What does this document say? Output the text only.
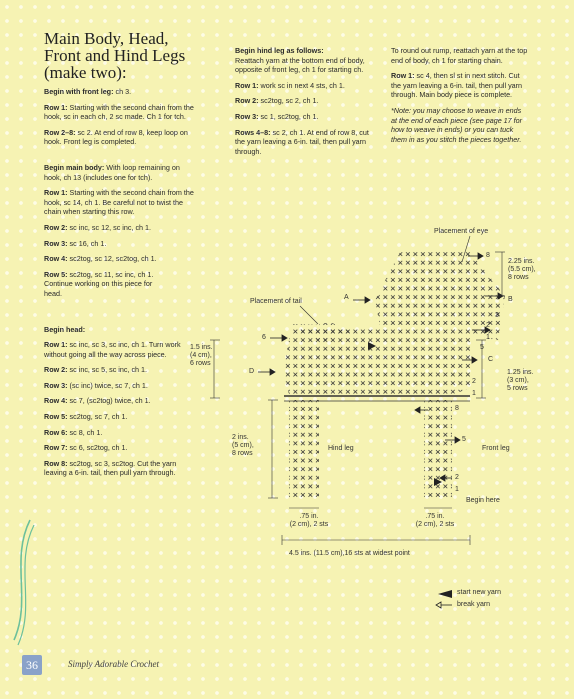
Main Body, Head,
Front and Hind Legs
(make two):

Begin with front leg: ch 3.

Row 1: Starting with the second chain from the hook, sc in each ch, 2 sc made. Ch 1 for tch.

Row 2–8: sc 2. At end of row 8, keep loop on hook. Front leg is completed.

Begin main body: With loop remaining on hook, ch 13 (includes one for tch).

Row 1: Starting with the second chain from the hook, sc 14, ch 1. Be careful not to twist the chain when starting this row.

Row 2: sc inc, sc 12, sc inc, ch 1.

Row 3: sc 16, ch 1.

Row 4: sc2tog, sc 12, sc2tog, ch 1.

Row 5: sc2tog, sc 11, sc inc, ch 1. Continue working on this piece for head.

Begin head:

Row 1: sc inc, sc 3, sc inc, ch 1. Turn work without going all the way across piece.

Row 2: sc inc, sc 5, sc inc, ch 1.

Row 3: (sc inc) twice, sc 7, ch 1.

Row 4: sc 7, (sc2tog) twice, ch 1.

Row 5: sc2tog, sc 7, ch 1.

Row 6: sc 8, ch 1.

Row 7: sc 6, sc2tog, ch 1.

Row 8: sc2tog, sc 3, sc2tog. Cut the yarn leaving a 6-in. tail, then pull yarn through.

Begin hind leg as follows:

Reattach yarn at the bottom end of body, opposite of front leg, ch 1 for starting ch.

Row 1: work sc in next 4 sts, ch 1.

Row 2: sc2tog, sc 2, ch 1.

Row 3: sc 1, sc2tog, ch 1.

Rows 4–8: sc 2, ch 1. At end of row 8, cut the yarn leaving a 6-in. tail, then pull yarn through.

To round out rump, reattach yarn at the top end of body, ch 1 for starting chain.

Row 1: sc 4, then sl st in next stitch. Cut the yarn leaving a 6-in. tail, then pull yarn through. Main body piece is complete.

*Note: you may choose to weave in ends at the end of each piece (see page 17 for how to weave in ends) or you can tuck them in as you stitch the pieces together.

Placement of eye
Placement of tail
Hind leg	Front leg
Begin here
A	B
C
D
8
3
2
1
5
2
1
8
5
2
1
6
2.25 ins.
(5.5 cm),
8 rows
1.5 ins.
(4 cm),
6 rows
1.25 ins.
(3 cm),
5 rows
2 ins.
(5 cm),
8 rows
.75 in.
(2 cm), 2 sts
.75 in.
(2 cm), 2 sts
4.5 ins. (11.5 cm),16 sts at widest point
start new yarn
break yarn
36	Simply Adorable Crochet
